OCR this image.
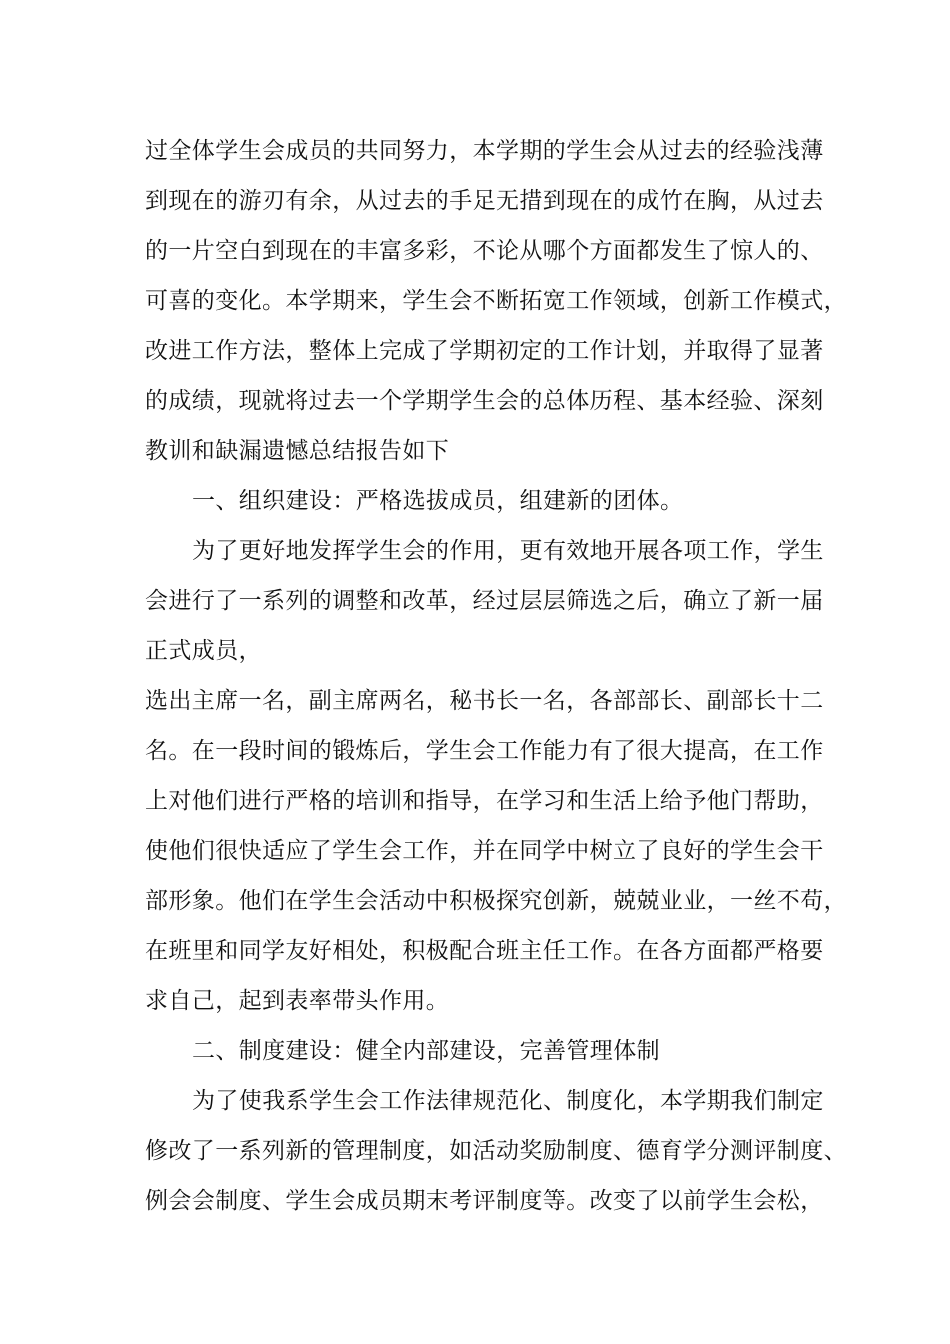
过全体学生会成员的共同努力，本学期的学生会从过去的经验浅薄
到现在的游刃有余，从过去的手足无措到现在的成竹在胸，从过去
的一片空白到现在的丰富多彩，不论从哪个方面都发生了惊人的、
可喜的变化。本学期来，学生会不断拓宽工作领域，创新工作模式，
改进工作方法，整体上完成了学期初定的工作计划，并取得了显著
的成绩，现就将过去一个学期学生会的总体历程、基本经验、深刻
教训和缺漏遗憾总结报告如下
一、组织建设：严格选拔成员，组建新的团体。
为了更好地发挥学生会的作用，更有效地开展各项工作，学生
会进行了一系列的调整和改革，经过层层筛选之后，确立了新一届
正式成员，
选出主席一名，副主席两名，秘书长一名，各部部长、副部长十二
名。在一段时间的锻炼后，学生会工作能力有了很大提高，在工作
上对他们进行严格的培训和指导，在学习和生活上给予他门帮助，
使他们很快适应了学生会工作，并在同学中树立了良好的学生会干
部形象。他们在学生会活动中积极探究创新，兢兢业业，一丝不苟，
在班里和同学友好相处，积极配合班主任工作。在各方面都严格要
求自己，起到表率带头作用。
二、制度建设：健全内部建设，完善管理体制
为了使我系学生会工作法律规范化、制度化，本学期我们制定
修改了一系列新的管理制度，如活动奖励制度、德育学分测评制度、
例会会制度、学生会成员期末考评制度等。改变了以前学生会松，
